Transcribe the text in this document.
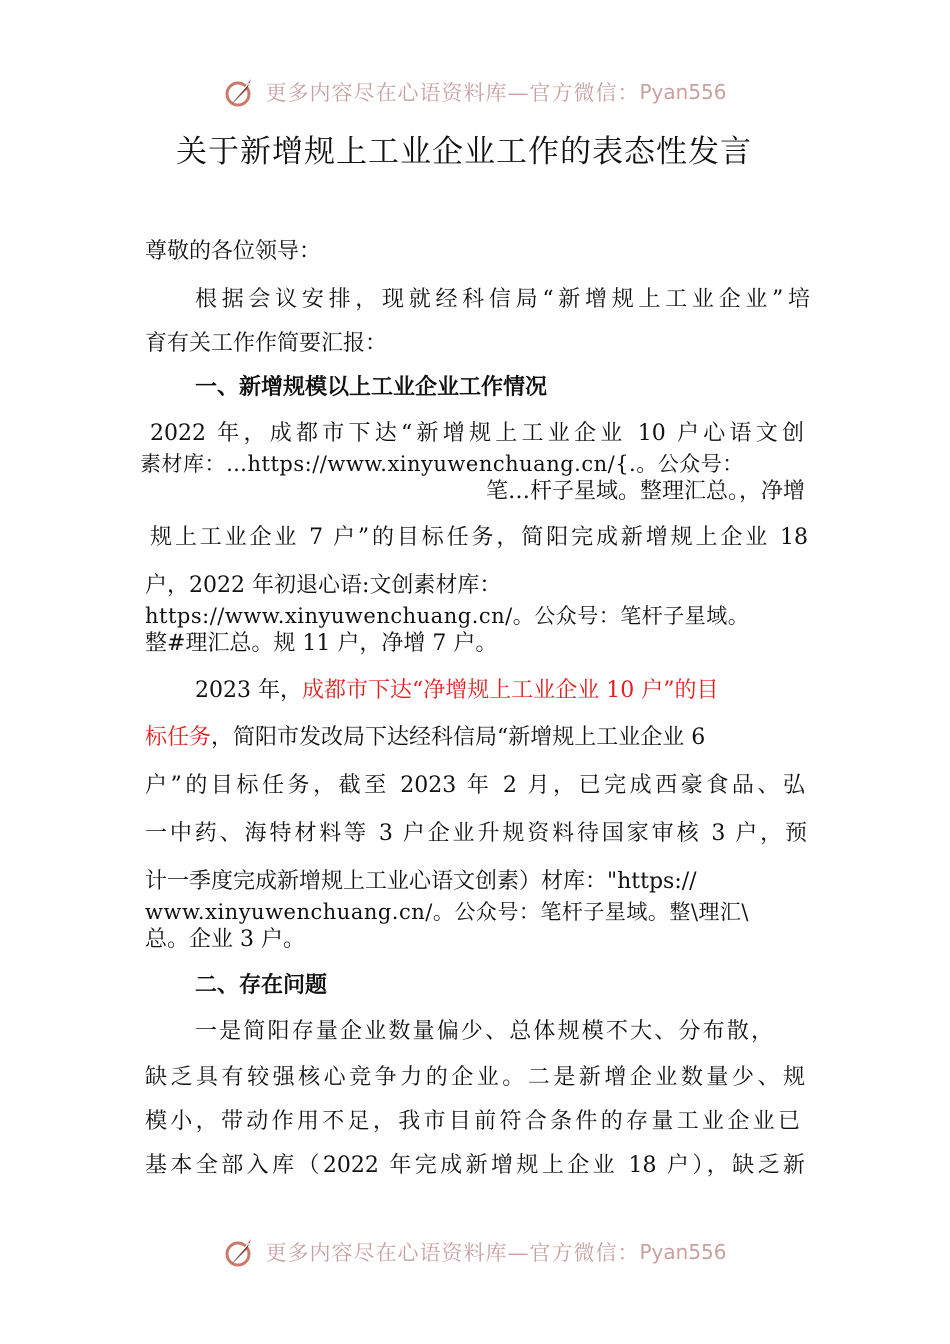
更多内容尽在心语资料库—官方微信： Pyan556
关于新增规上工业企业工作的表态性发言
尊敬的各位领导：
根据会议安排，现就经科信局“新增规上工业企业”培
育有关工作作简要汇报：
一、新增规模以上工业企业工作情况
2022 年，成都市下达“新增规上工业企业 10 户心语文创
素材库：…https://www.xinyuwenchuang.cn/{.。公众号：
笔…杆子星域。整理汇总。，净增
规上工业企业 7 户”的目标任务，简阳完成新增规上企业 18
户，2022 年初退心语:文创素材库：
https://www.xinyuwenchuang.cn/。公众号：笔杆子星域。
整#理汇总。规 11 户，净增 7 户。
2023 年，成都市下达“净增规上工业企业 10 户”的目
标任务，简阳市发改局下达经科信局“新增规上工业企业 6
户”的目标任务，截至 2023 年 2 月，已完成西豪食品、弘
一中药、海特材料等 3 户企业升规资料待国家审核 3 户，预
计一季度完成新增规上工业心语文创素）材库："https://
www.xinyuwenchuang.cn/。公众号：笔杆子星域。整\理汇\
总。企业 3 户。
二、存在问题
一是简阳存量企业数量偏少、总体规模不大、分布散，
缺乏具有较强核心竞争力的企业。二是新增企业数量少、规
模小，带动作用不足，我市目前符合条件的存量工业企业已
基本全部入库（2022 年完成新增规上企业 18 户），缺乏新
更多内容尽在心语资料库—官方微信： Pyan556
